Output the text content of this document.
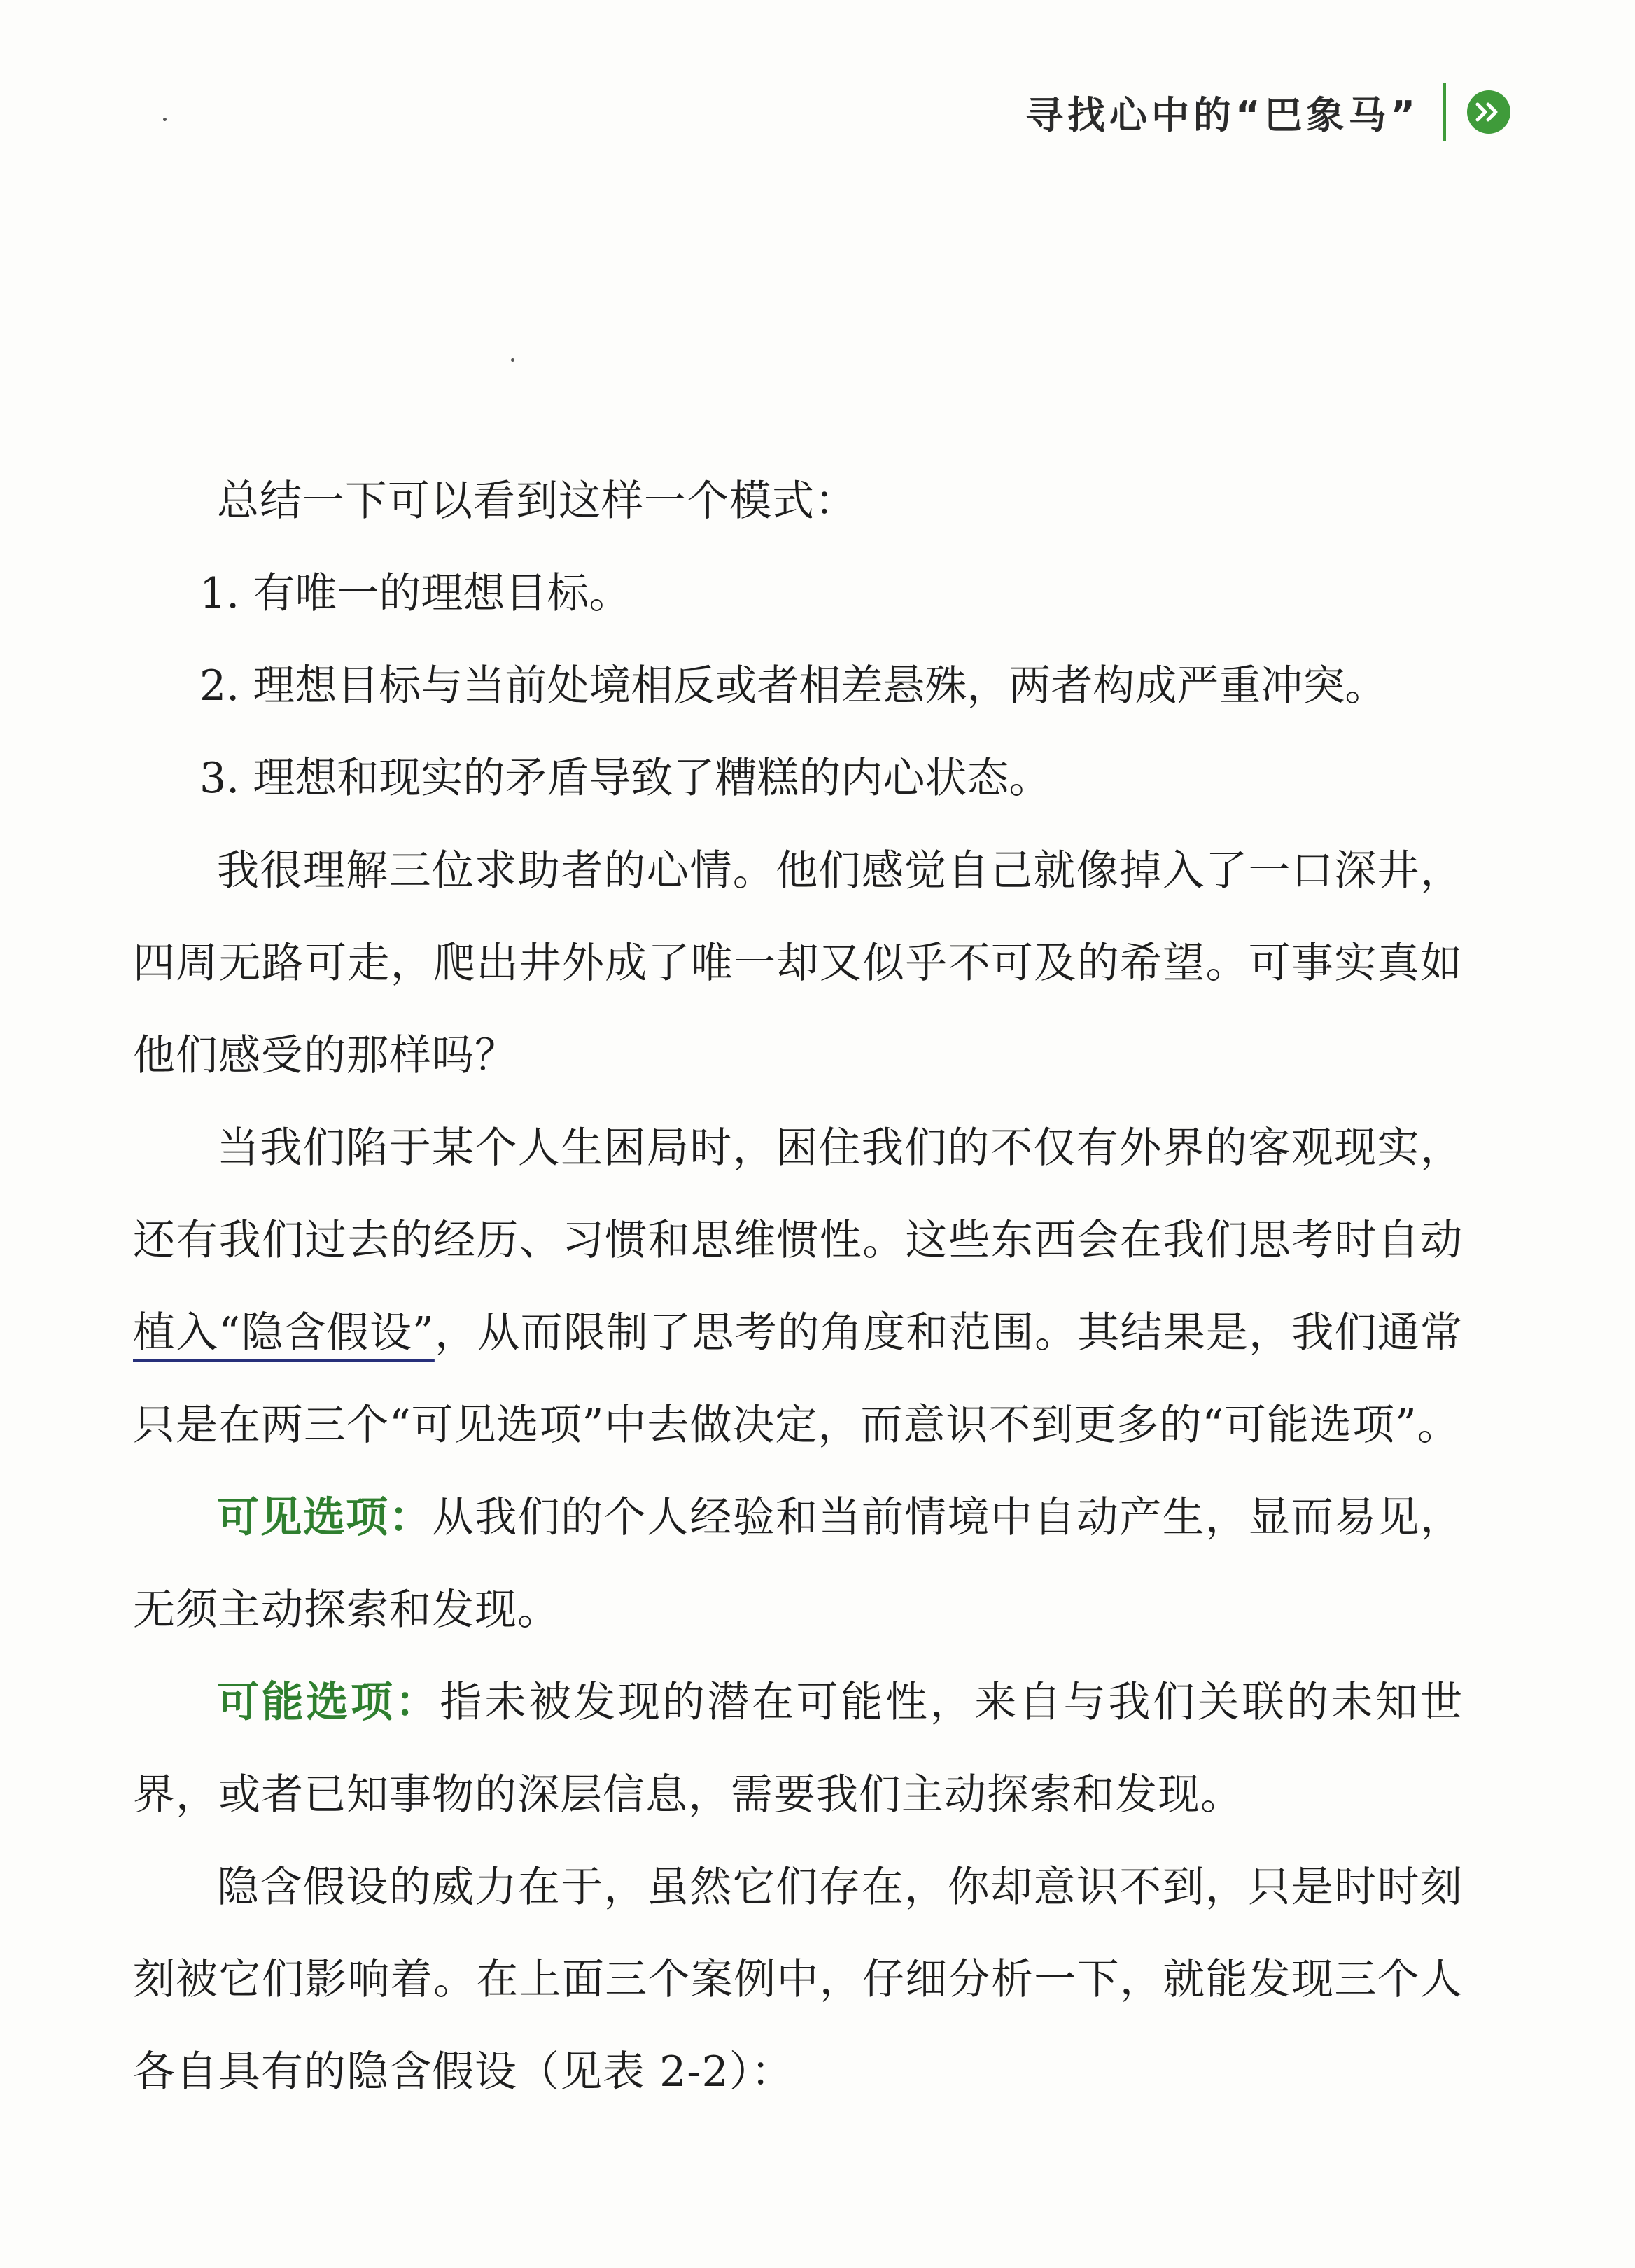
寻找心中的“巴象马”

总结一下可以看到这样一个模式：

1. 有唯一的理想目标。

2. 理想目标与当前处境相反或者相差悬殊，两者构成严重冲突。

3. 理想和现实的矛盾导致了糟糕的内心状态。

我很理解三位求助者的心情。他们感觉自己就像掉入了一口深井，四周无路可走，爬出井外成了唯一却又似乎不可及的希望。可事实真如他们感受的那样吗？

当我们陷于某个人生困局时，困住我们的不仅有外界的客观现实，还有我们过去的经历、习惯和思维惯性。这些东西会在我们思考时自动植入“隐含假设”，从而限制了思考的角度和范围。其结果是，我们通常只是在两三个“可见选项”中去做决定，而意识不到更多的“可能选项”。

可见选项：从我们的个人经验和当前情境中自动产生，显而易见，无须主动探索和发现。

可能选项：指未被发现的潜在可能性，来自与我们关联的未知世界，或者已知事物的深层信息，需要我们主动探索和发现。

隐含假设的威力在于，虽然它们存在，你却意识不到，只是时时刻刻被它们影响着。在上面三个案例中，仔细分析一下，就能发现三个人各自具有的隐含假设（见表 2-2）：
